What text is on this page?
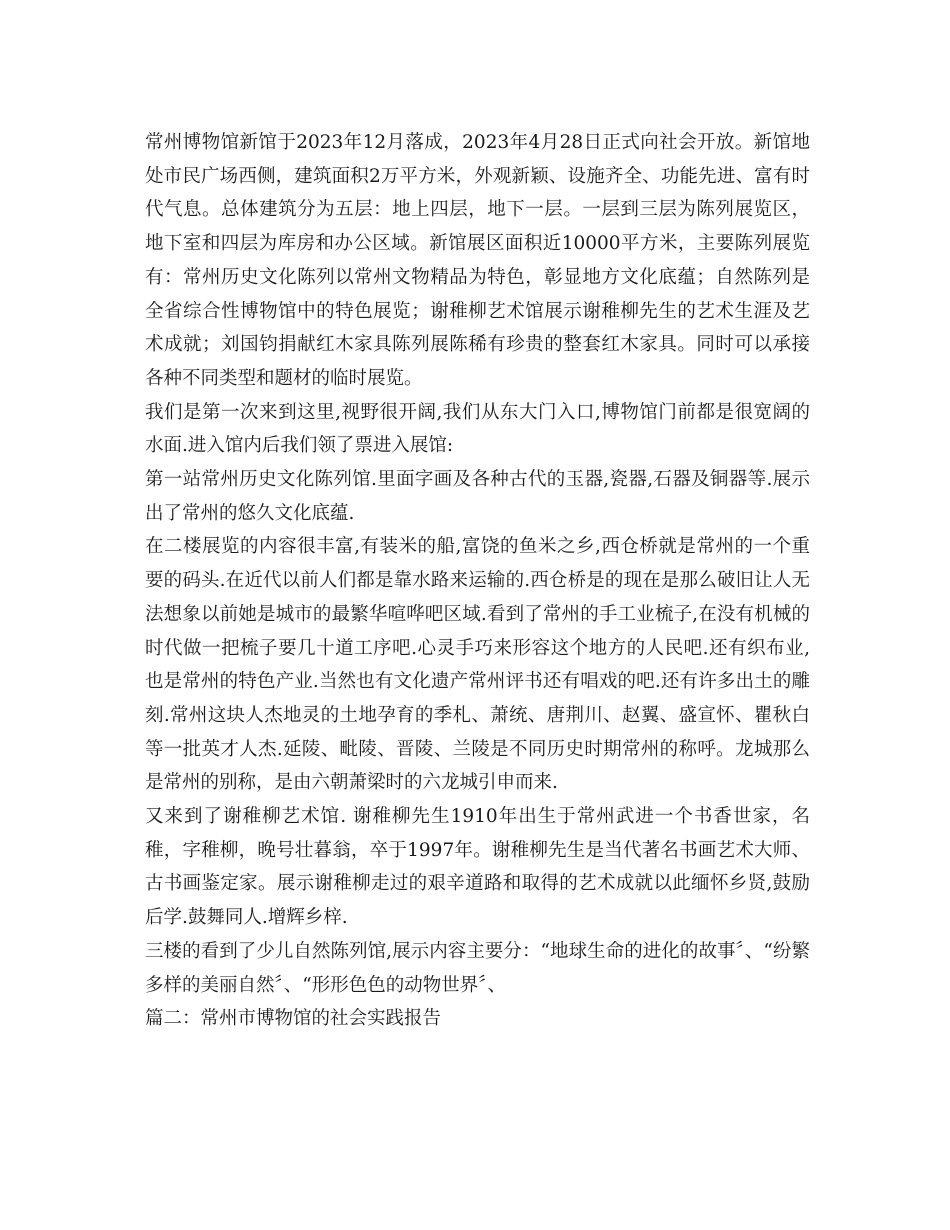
常州博物馆新馆于2023年12月落成，2023年4月28日正式向社会开放。新馆地处市民广场西侧，建筑面积2万平方米，外观新颖、设施齐全、功能先进、富有时代气息。总体建筑分为五层：地上四层，地下一层。一层到三层为陈列展览区，地下室和四层为库房和办公区域。新馆展区面积近10000平方米，主要陈列展览有：常州历史文化陈列以常州文物精品为特色，彰显地方文化底蕴；自然陈列是全省综合性博物馆中的特色展览；谢稚柳艺术馆展示谢稚柳先生的艺术生涯及艺术成就；刘国钧捐献红木家具陈列展陈稀有珍贵的整套红木家具。同时可以承接各种不同类型和题材的临时展览。

我们是第一次来到这里,视野很开阔,我们从东大门入口,博物馆门前都是很宽阔的水面.进入馆内后我们领了票进入展馆:

第一站常州历史文化陈列馆.里面字画及各种古代的玉器,瓷器,石器及铜器等.展示出了常州的悠久文化底蕴.

在二楼展览的内容很丰富,有装米的船,富饶的鱼米之乡,西仓桥就是常州的一个重要的码头.在近代以前人们都是靠水路来运输的.西仓桥是的现在是那么破旧让人无法想象以前她是城市的最繁华喧哗吧区域.看到了常州的手工业梳子,在没有机械的时代做一把梳子要几十道工序吧.心灵手巧来形容这个地方的人民吧.还有织布业,也是常州的特色产业.当然也有文化遗产常州评书还有唱戏的吧.还有许多出土的雕刻.常州这块人杰地灵的土地孕育的季札、萧统、唐荆川、赵翼、盛宣怀、瞿秋白等一批英才人杰.延陵、毗陵、晋陵、兰陵是不同历史时期常州的称呼。龙城那么是常州的别称，是由六朝萧梁时的六龙城引申而来.

又来到了谢稚柳艺术馆. 谢稚柳先生1910年出生于常州武进一个书香世家，名稚，字稚柳，晚号壮暮翁，卒于1997年。谢稚柳先生是当代著名书画艺术大师、古书画鉴定家。展示谢稚柳走过的艰辛道路和取得的艺术成就以此缅怀乡贤,鼓励后学.鼓舞同人.增辉乡梓.

三楼的看到了少儿自然陈列馆,展示内容主要分：“地球生命的进化的故事〞、“纷繁多样的美丽自然〞、“形形色色的动物世界〞、

篇二：常州市博物馆的社会实践报告
